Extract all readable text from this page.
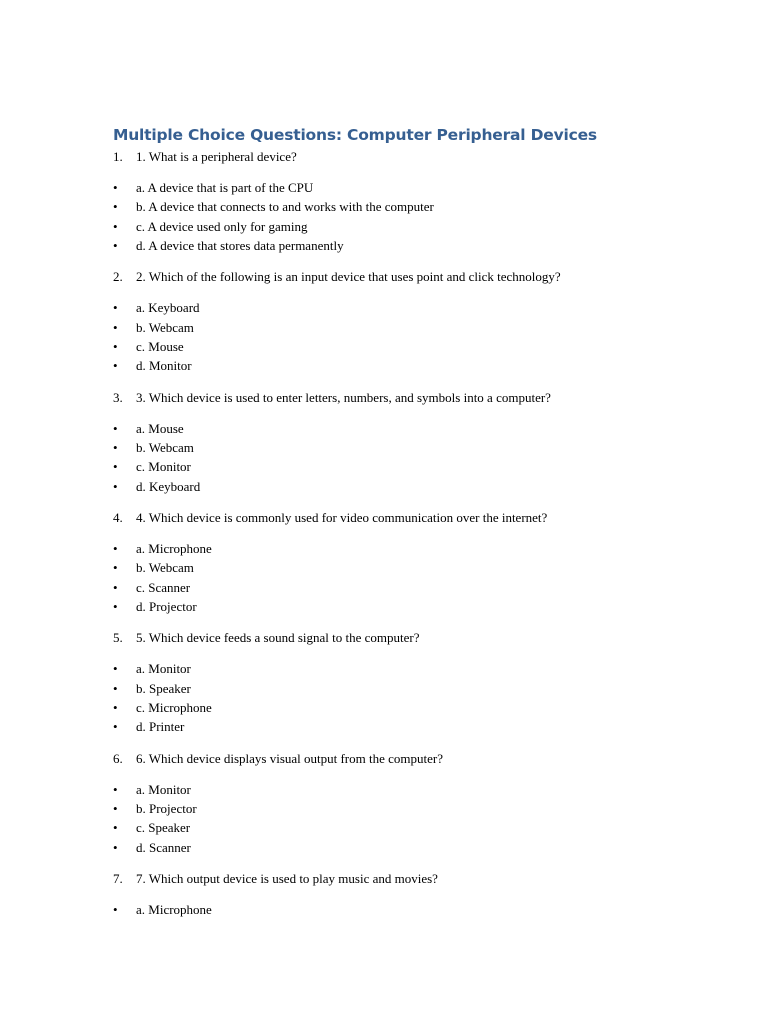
Multiple Choice Questions: Computer Peripheral Devices
1. 1. What is a peripheral device?
• a. A device that is part of the CPU
• b. A device that connects to and works with the computer
• c. A device used only for gaming
• d. A device that stores data permanently
2. 2. Which of the following is an input device that uses point and click technology?
• a. Keyboard
• b. Webcam
• c. Mouse
• d. Monitor
3. 3. Which device is used to enter letters, numbers, and symbols into a computer?
• a. Mouse
• b. Webcam
• c. Monitor
• d. Keyboard
4. 4. Which device is commonly used for video communication over the internet?
• a. Microphone
• b. Webcam
• c. Scanner
• d. Projector
5. 5. Which device feeds a sound signal to the computer?
• a. Monitor
• b. Speaker
• c. Microphone
• d. Printer
6. 6. Which device displays visual output from the computer?
• a. Monitor
• b. Projector
• c. Speaker
• d. Scanner
7. 7. Which output device is used to play music and movies?
• a. Microphone
